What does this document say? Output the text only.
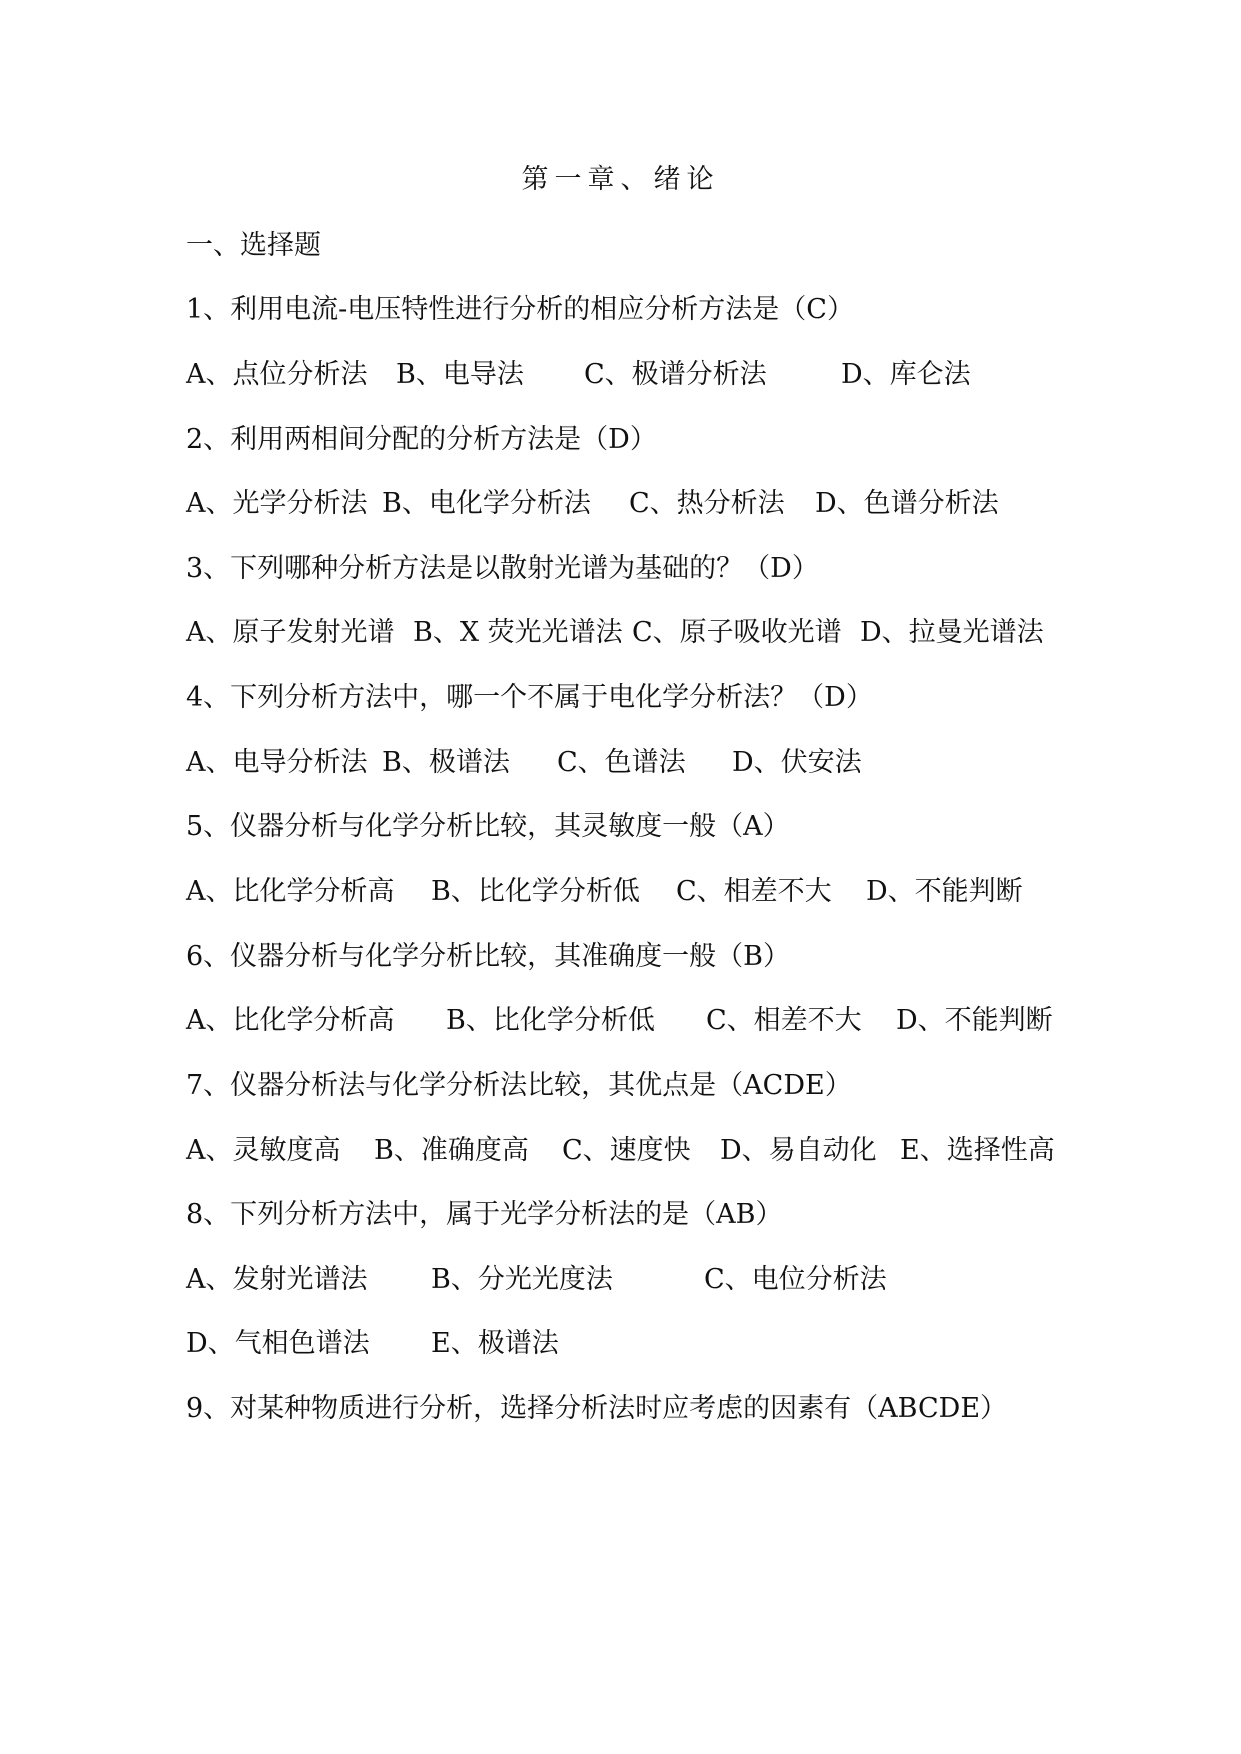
第一章、绪论
一、选择题
1、利用电流-电压特性进行分析的相应分析方法是（C）
A、点位分析法 B、电导法 C、极谱分析法	D、库仑法
2、利用两相间分配的分析方法是（D）
A、光学分析法 B、电化学分析法 C、热分析法 D、色谱分析法
3、下列哪种分析方法是以散射光谱为基础的？（D）
A、原子发射光谱 B、X 荧光光谱法 C、原子吸收光谱 D、拉曼光谱法
4、下列分析方法中，哪一个不属于电化学分析法？（D）
A、电导分析法 B、极谱法 C、色谱法 D、伏安法
5、仪器分析与化学分析比较，其灵敏度一般（A）
A、比化学分析高 B、比化学分析低 C、相差不大 D、不能判断
6、仪器分析与化学分析比较，其准确度一般（B）
A、比化学分析高 B、比化学分析低 C、相差不大 D、不能判断
7、仪器分析法与化学分析法比较，其优点是（ACDE）
A、灵敏度高 B、准确度高 C、速度快 D、易自动化 E、选择性高
8、下列分析方法中，属于光学分析法的是（AB）
A、发射光谱法 B、分光光度法	C、电位分析法
D、气相色谱法 E、极谱法
9、对某种物质进行分析，选择分析法时应考虑的因素有（ABCDE）
